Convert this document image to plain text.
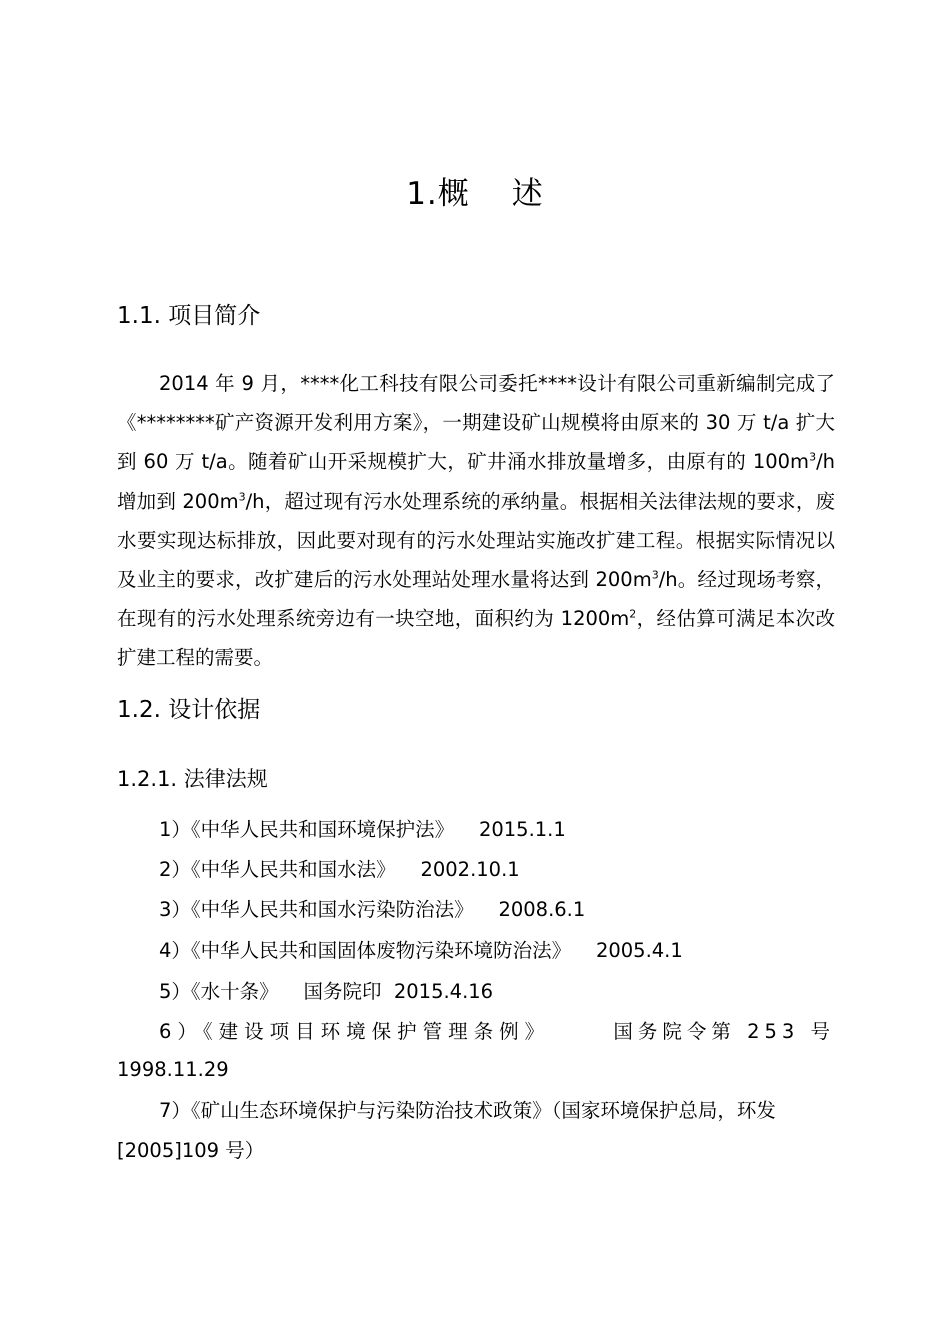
1.概 述
1.1. 项目简介

2014 年 9 月，****化工科技有限公司委托****设计有限公司重新编制完成了《********矿产资源开发利用方案》，一期建设矿山规模将由原来的 30 万 t/a 扩大到 60 万 t/a。随着矿山开采规模扩大，矿井涌水排放量增多，由原有的 $100m^3/h$ 增加到 $200m^3/h$，超过现有污水处理系统的承纳量。根据相关法律法规的要求，废水要实现达标排放，因此要对现有的污水处理站实施改扩建工程。根据实际情况以及业主的要求，改扩建后的污水处理站处理水量将达到 $200m^3/h$。经过现场考察，在现有的污水处理系统旁边有一块空地，面积约为 $1200m^2$，经估算可满足本次改扩建工程的需要。

1.2. 设计依据
1.2.1. 法律法规
1）《中华人民共和国环境保护法》    2015.1.1
2）《中华人民共和国水法》    2002.10.1
3）《中华人民共和国水污染防治法》    2008.6.1
4）《中华人民共和国固体废物污染环境防治法》    2005.4.1
5）《水十条》    国务院印  2015.4.16
6）《建设项目环境保护管理条例》	国务院令第 253 号
1998.11.29

7）《矿山生态环境保护与污染防治技术政策》（国家环境保护总局，环发[2005]109 号）
